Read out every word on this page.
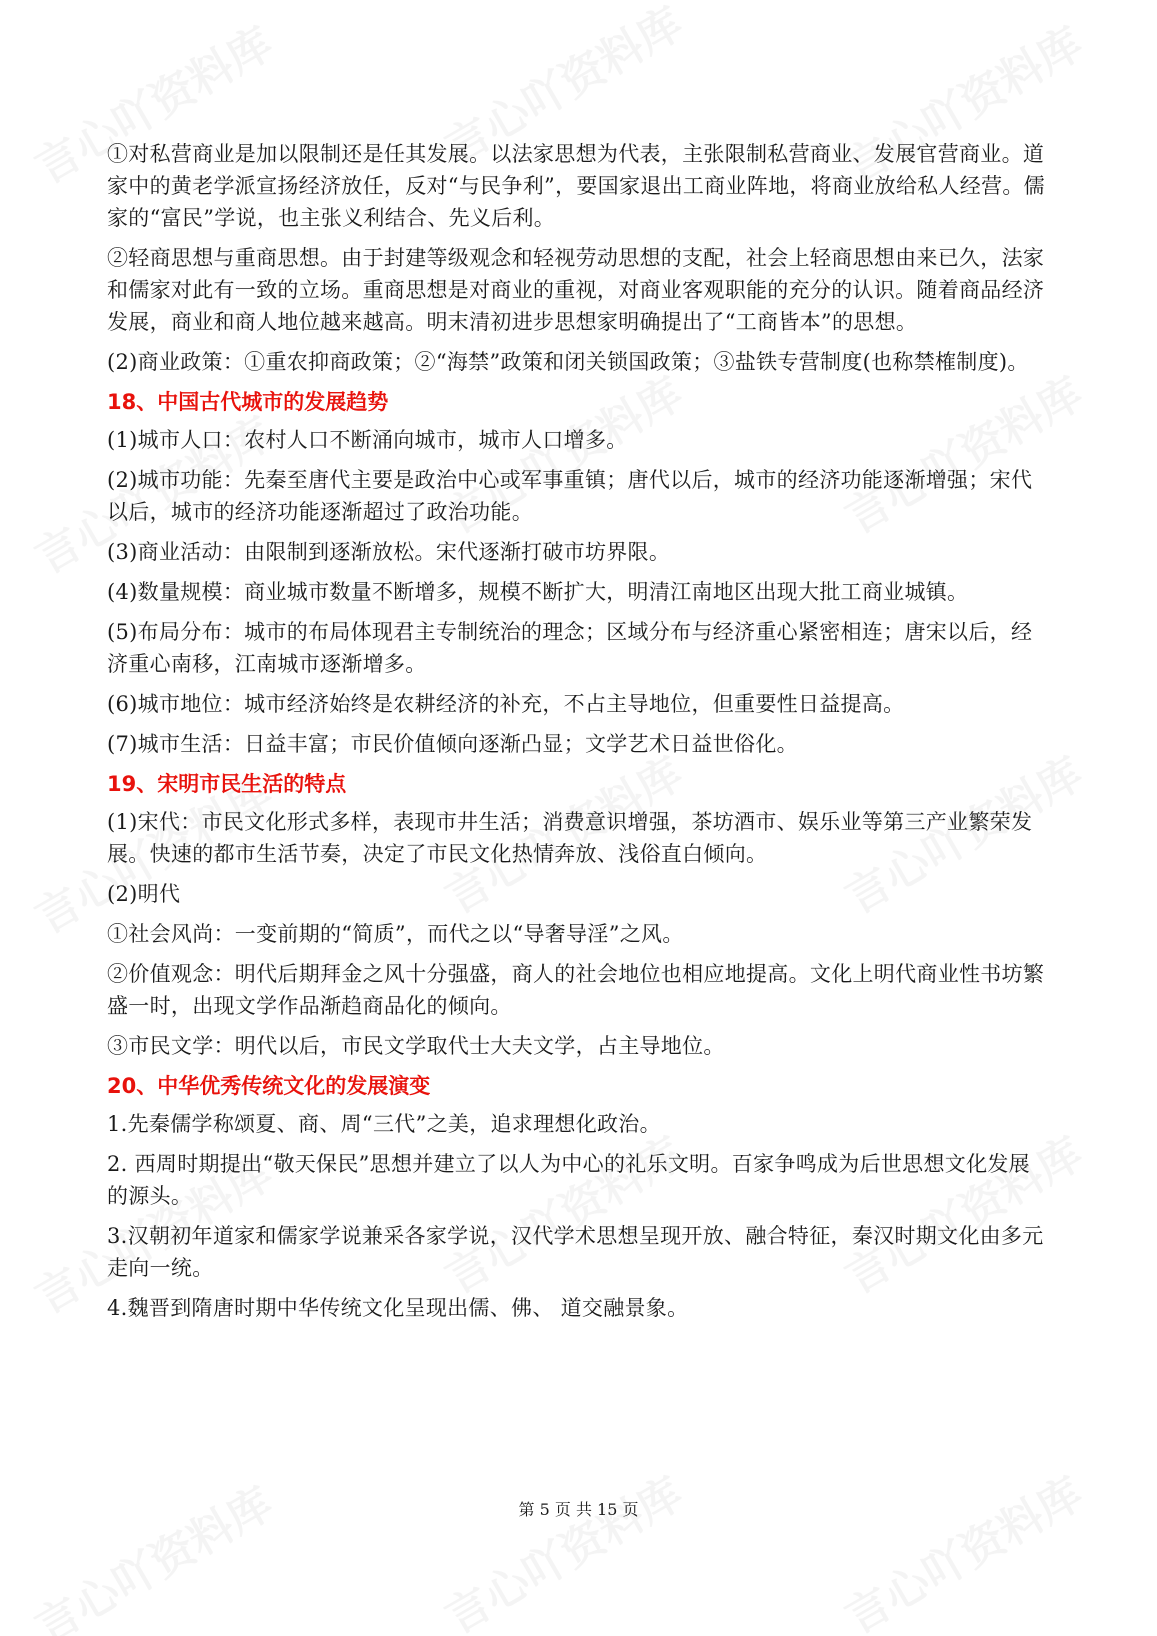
①对私营商业是加以限制还是任其发展。以法家思想为代表，主张限制私营商业、发展官营商业。道家中的黄老学派宣扬经济放任，反对“与民争利”，要国家退出工商业阵地，将商业放给私人经营。儒家的“富民”学说，也主张义利结合、先义后利。

②轻商思想与重商思想。由于封建等级观念和轻视劳动思想的支配，社会上轻商思想由来已久，法家和儒家对此有一致的立场。重商思想是对商业的重视，对商业客观职能的充分的认识。随着商品经济发展，商业和商人地位越来越高。明末清初进步思想家明确提出了“工商皆本”的思想。

(2)商业政策：①重农抑商政策；②“海禁”政策和闭关锁国政策；③盐铁专营制度(也称禁榷制度)。

18、中国古代城市的发展趋势

(1)城市人口：农村人口不断涌向城市，城市人口增多。

(2)城市功能：先秦至唐代主要是政治中心或军事重镇；唐代以后，城市的经济功能逐渐增强；宋代以后，城市的经济功能逐渐超过了政治功能。

(3)商业活动：由限制到逐渐放松。宋代逐渐打破市坊界限。

(4)数量规模：商业城市数量不断增多，规模不断扩大，明清江南地区出现大批工商业城镇。

(5)布局分布：城市的布局体现君主专制统治的理念；区域分布与经济重心紧密相连；唐宋以后，经济重心南移，江南城市逐渐增多。

(6)城市地位：城市经济始终是农耕经济的补充，不占主导地位，但重要性日益提高。

(7)城市生活：日益丰富；市民价值倾向逐渐凸显；文学艺术日益世俗化。

19、宋明市民生活的特点

(1)宋代：市民文化形式多样，表现市井生活；消费意识增强，茶坊酒市、娱乐业等第三产业繁荣发展。快速的都市生活节奏，决定了市民文化热情奔放、浅俗直白倾向。

(2)明代

①社会风尚：一变前期的“简质”，而代之以“导奢导淫”之风。

②价值观念：明代后期拜金之风十分强盛，商人的社会地位也相应地提高。文化上明代商业性书坊繁盛一时，出现文学作品渐趋商品化的倾向。

③市民文学：明代以后，市民文学取代士大夫文学，占主导地位。

20、中华优秀传统文化的发展演变

1.先秦儒学称颂夏、商、周“三代”之美，追求理想化政治。

2. 西周时期提出“敬天保民”思想并建立了以人为中心的礼乐文明。百家争鸣成为后世思想文化发展的源头。

3.汉朝初年道家和儒家学说兼采各家学说，汉代学术思想呈现开放、融合特征，秦汉时期文化由多元走向一统。

4.魏晋到隋唐时期中华传统文化呈现出儒、佛、 道交融景象。

第 5 页 共 15 页
